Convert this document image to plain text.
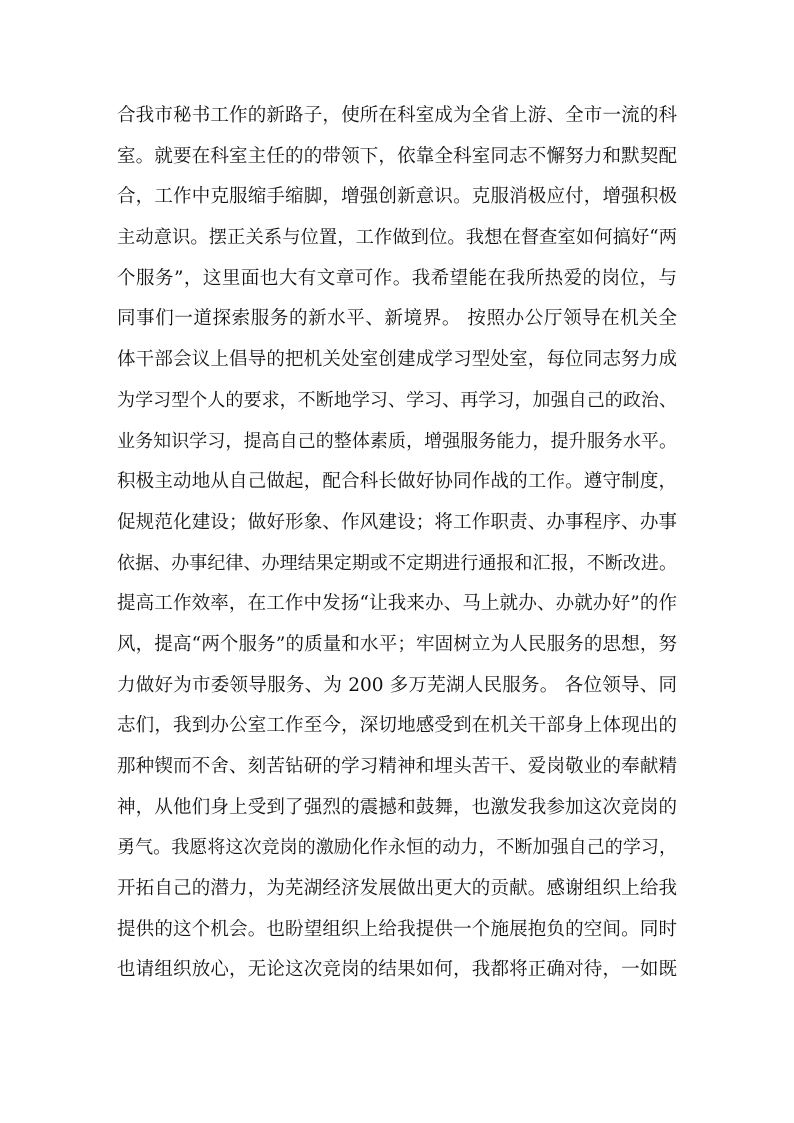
合我市秘书工作的新路子，使所在科室成为全省上游、全市一流的科
室。就要在科室主任的的带领下，依靠全科室同志不懈努力和默契配
合，工作中克服缩手缩脚，增强创新意识。克服消极应付，增强积极
主动意识。摆正关系与位置，工作做到位。我想在督查室如何搞好“两
个服务”，这里面也大有文章可作。我希望能在我所热爱的岗位，与
同事们一道探索服务的新水平、新境界。 按照办公厅领导在机关全
体干部会议上倡导的把机关处室创建成学习型处室，每位同志努力成
为学习型个人的要求，不断地学习、学习、再学习，加强自己的政治、
业务知识学习，提高自己的整体素质，增强服务能力，提升服务水平。
积极主动地从自己做起，配合科长做好协同作战的工作。遵守制度，
促规范化建设；做好形象、作风建设；将工作职责、办事程序、办事
依据、办事纪律、办理结果定期或不定期进行通报和汇报，不断改进。
提高工作效率，在工作中发扬“让我来办、马上就办、办就办好”的作
风，提高“两个服务”的质量和水平；牢固树立为人民服务的思想，努
力做好为市委领导服务、为 200 多万芜湖人民服务。 各位领导、同
志们，我到办公室工作至今，深切地感受到在机关干部身上体现出的
那种锲而不舍、刻苦钻研的学习精神和埋头苦干、爱岗敬业的奉献精
神，从他们身上受到了强烈的震撼和鼓舞，也激发我参加这次竞岗的
勇气。我愿将这次竞岗的激励化作永恒的动力，不断加强自己的学习，
开拓自己的潜力，为芜湖经济发展做出更大的贡献。感谢组织上给我
提供的这个机会。也盼望组织上给我提供一个施展抱负的空间。同时
也请组织放心，无论这次竞岗的结果如何，我都将正确对待，一如既
